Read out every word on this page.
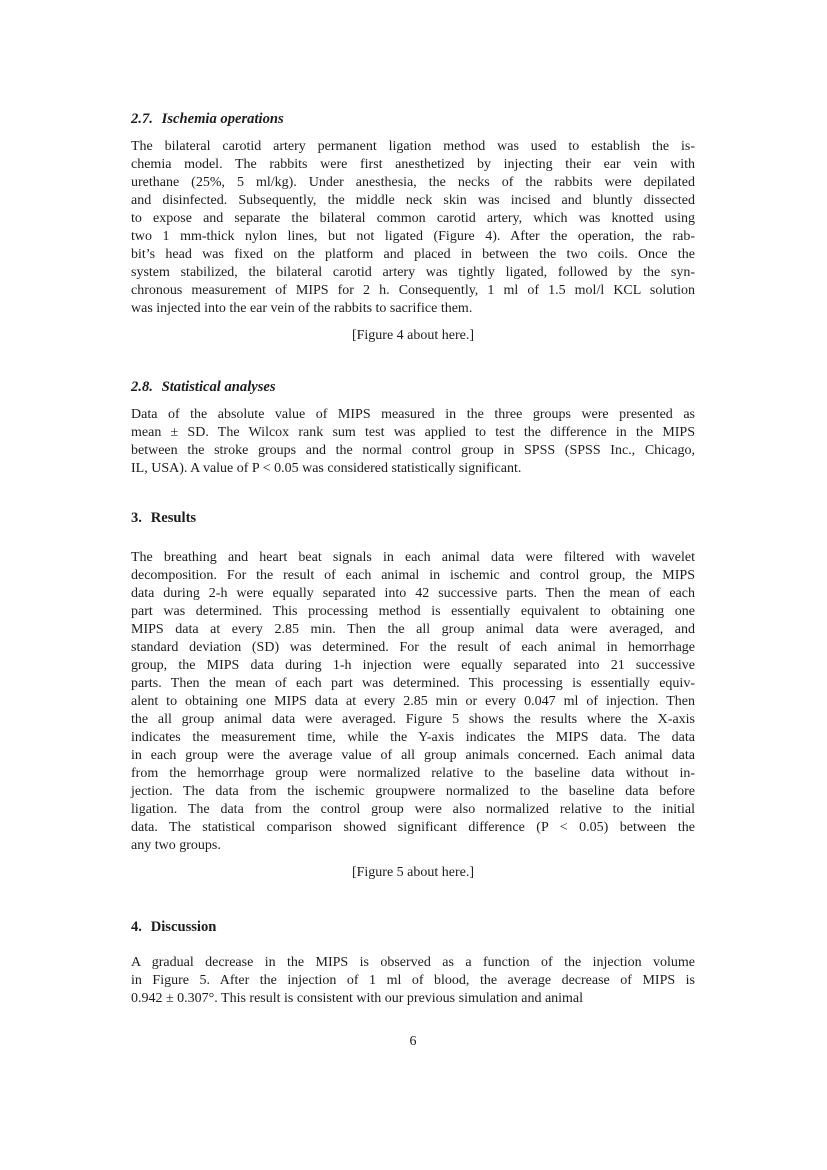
2.7. Ischemia operations
The bilateral carotid artery permanent ligation method was used to establish the is-
chemia model. The rabbits were first anesthetized by injecting their ear vein with
urethane (25%, 5 ml/kg). Under anesthesia, the necks of the rabbits were depilated
and disinfected. Subsequently, the middle neck skin was incised and bluntly dissected
to expose and separate the bilateral common carotid artery, which was knotted using
two 1 mm-thick nylon lines, but not ligated (Figure 4). After the operation, the rab-
bit’s head was fixed on the platform and placed in between the two coils. Once the
system stabilized, the bilateral carotid artery was tightly ligated, followed by the syn-
chronous measurement of MIPS for 2 h. Consequently, 1 ml of 1.5 mol/l KCL solution
was injected into the ear vein of the rabbits to sacrifice them.
[Figure 4 about here.]
2.8. Statistical analyses
Data of the absolute value of MIPS measured in the three groups were presented as
mean ± SD. The Wilcox rank sum test was applied to test the difference in the MIPS
between the stroke groups and the normal control group in SPSS (SPSS Inc., Chicago,
IL, USA). A value of P < 0.05 was considered statistically significant.
3. Results
The breathing and heart beat signals in each animal data were filtered with wavelet
decomposition. For the result of each animal in ischemic and control group, the MIPS
data during 2-h were equally separated into 42 successive parts. Then the mean of each
part was determined. This processing method is essentially equivalent to obtaining one
MIPS data at every 2.85 min. Then the all group animal data were averaged, and
standard deviation (SD) was determined. For the result of each animal in hemorrhage
group, the MIPS data during 1-h injection were equally separated into 21 successive
parts. Then the mean of each part was determined. This processing is essentially equiv-
alent to obtaining one MIPS data at every 2.85 min or every 0.047 ml of injection. Then
the all group animal data were averaged. Figure 5 shows the results where the X-axis
indicates the measurement time, while the Y-axis indicates the MIPS data. The data
in each group were the average value of all group animals concerned. Each animal data
from the hemorrhage group were normalized relative to the baseline data without in-
jection. The data from the ischemic groupwere normalized to the baseline data before
ligation. The data from the control group were also normalized relative to the initial
data. The statistical comparison showed significant difference (P < 0.05) between the
any two groups.
[Figure 5 about here.]
4. Discussion
A gradual decrease in the MIPS is observed as a function of the injection volume
in Figure 5. After the injection of 1 ml of blood, the average decrease of MIPS is
0.942 ± 0.307°. This result is consistent with our previous simulation and animal
6
